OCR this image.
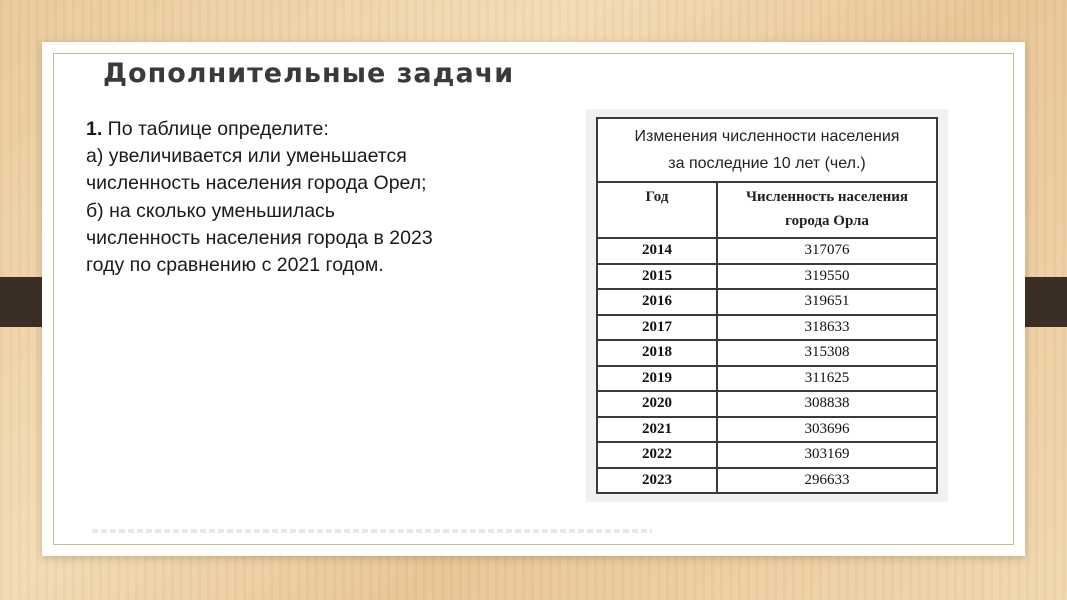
Дополнительные задачи
1. По таблице определите:
а) увеличивается или уменьшается
численность населения города Орел;
б) на сколько уменьшилась
численность населения города в 2023
году по сравнению с 2021 годом.
Изменения численности населения
за последние 10 лет (чел.)	
Год	Численность населения
города Орла
2014	317076
2015	319550
2016	319651
2017	318633
2018	315308
2019	311625
2020	308838
2021	303696
2022	303169
2023	296633
